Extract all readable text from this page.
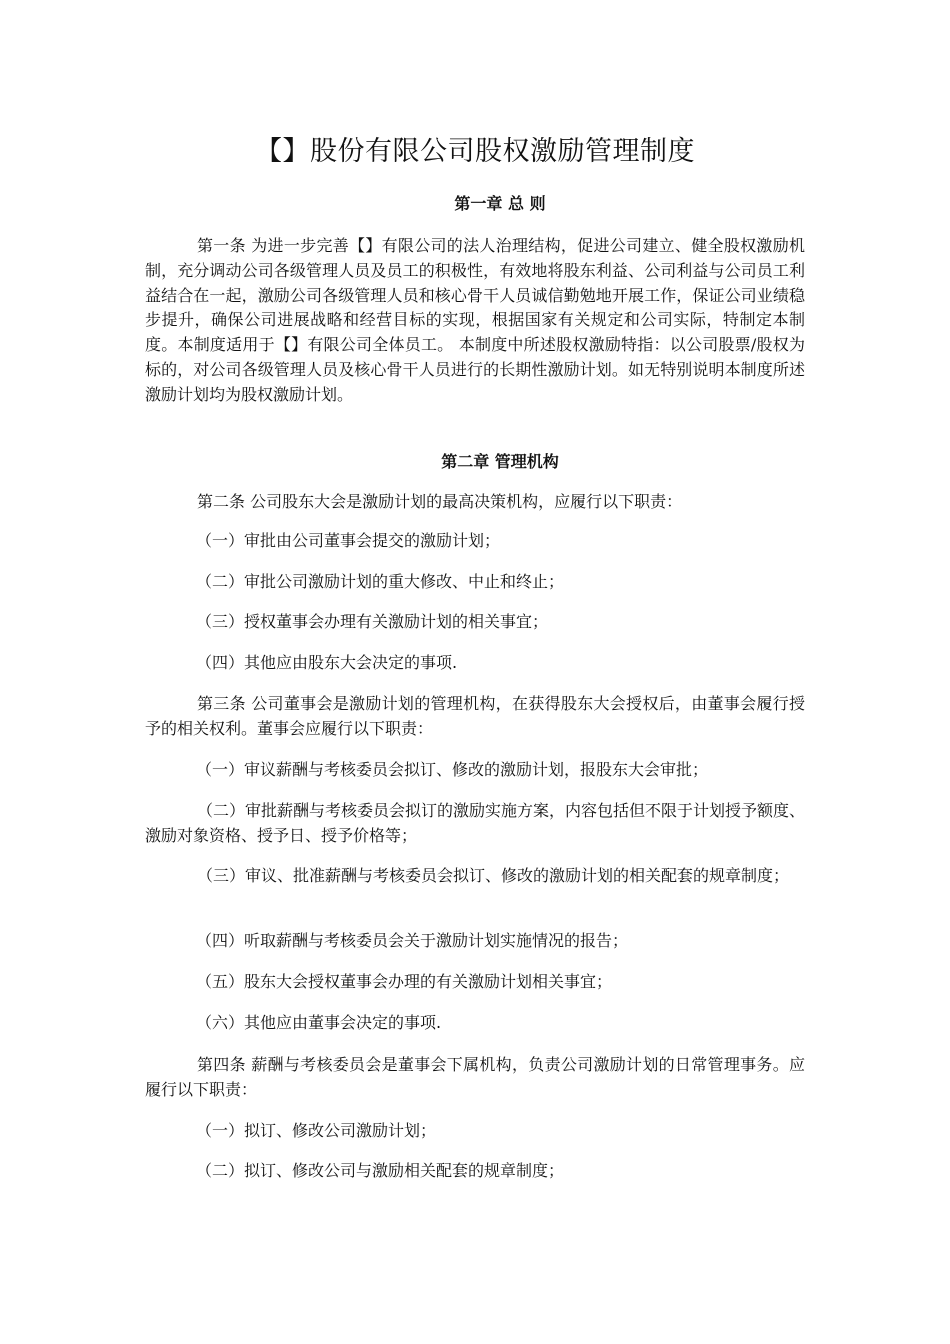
【】股份有限公司股权激励管理制度
第一章 总 则
第一条 为进一步完善【】有限公司的法人治理结构，促进公司建立、健全股权激励机制，充分调动公司各级管理人员及员工的积极性，有效地将股东利益、公司利益与公司员工利益结合在一起，激励公司各级管理人员和核心骨干人员诚信勤勉地开展工作，保证公司业绩稳步提升，确保公司进展战略和经营目标的实现，根据国家有关规定和公司实际，特制定本制度。本制度适用于【】有限公司全体员工。 本制度中所述股权激励特指：以公司股票/股权为标的，对公司各级管理人员及核心骨干人员进行的长期性激励计划。如无特别说明本制度所述激励计划均为股权激励计划。
第二章 管理机构
第二条 公司股东大会是激励计划的最高决策机构，应履行以下职责：
（一）审批由公司董事会提交的激励计划；
（二）审批公司激励计划的重大修改、中止和终止；
（三）授权董事会办理有关激励计划的相关事宜；
（四）其他应由股东大会决定的事项.
第三条 公司董事会是激励计划的管理机构，在获得股东大会授权后，由董事会履行授予的相关权利。董事会应履行以下职责：
（一）审议薪酬与考核委员会拟订、修改的激励计划，报股东大会审批；
（二）审批薪酬与考核委员会拟订的激励实施方案，内容包括但不限于计划授予额度、激励对象资格、授予日、授予价格等；
（三）审议、批准薪酬与考核委员会拟订、修改的激励计划的相关配套的规章制度；
（四）听取薪酬与考核委员会关于激励计划实施情况的报告；
（五）股东大会授权董事会办理的有关激励计划相关事宜；
（六）其他应由董事会决定的事项.
第四条 薪酬与考核委员会是董事会下属机构，负责公司激励计划的日常管理事务。应履行以下职责：
（一）拟订、修改公司激励计划；
（二）拟订、修改公司与激励相关配套的规章制度；
